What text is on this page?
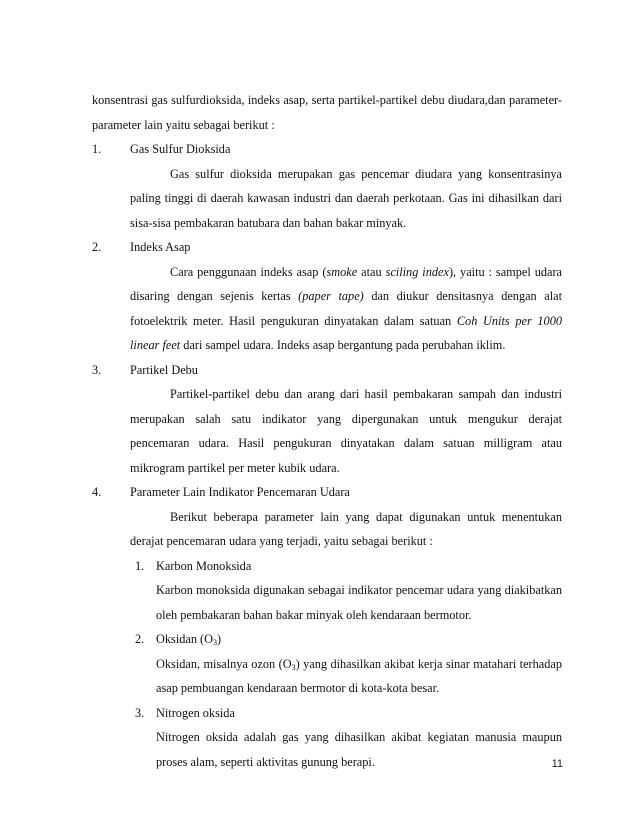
konsentrasi gas sulfurdioksida, indeks asap, serta partikel-partikel debu diudara,dan parameter-parameter lain yaitu sebagai berikut :

1. Gas Sulfur Dioksida

Gas sulfur dioksida merupakan gas pencemar diudara yang konsentrasinya paling tinggi di daerah kawasan industri dan daerah perkotaan. Gas ini dihasilkan dari sisa-sisa pembakaran batubara dan bahan bakar minyak.

2. Indeks Asap

Cara penggunaan indeks asap (smoke atau sciling index), yaitu : sampel udara disaring dengan sejenis kertas (paper tape) dan diukur densitasnya dengan alat fotoelektrik meter. Hasil pengukuran dinyatakan dalam satuan Coh Units per 1000 linear feet dari sampel udara. Indeks asap bergantung pada perubahan iklim.

3. Partikel Debu

Partikel-partikel debu dan arang dari hasil pembakaran sampah dan industri merupakan salah satu indikator yang dipergunakan untuk mengukur derajat pencemaran udara. Hasil pengukuran dinyatakan dalam satuan milligram atau mikrogram partikel per meter kubik udara.

4. Parameter Lain Indikator Pencemaran Udara

Berikut beberapa parameter lain yang dapat digunakan untuk menentukan derajat pencemaran udara yang terjadi, yaitu sebagai berikut :

1. Karbon Monoksida

Karbon monoksida digunakan sebagai indikator pencemar udara yang diakibatkan oleh pembakaran bahan bakar minyak oleh kendaraan bermotor.

2. Oksidan $(O_3)$

Oksidan, misalnya ozon $(O_3)$ yang dihasilkan akibat kerja sinar matahari terhadap asap pembuangan kendaraan bermotor di kota-kota besar.

3. Nitrogen oksida

Nitrogen oksida adalah gas yang dihasilkan akibat kegiatan manusia maupun proses alam, seperti aktivitas gunung berapi.	11
